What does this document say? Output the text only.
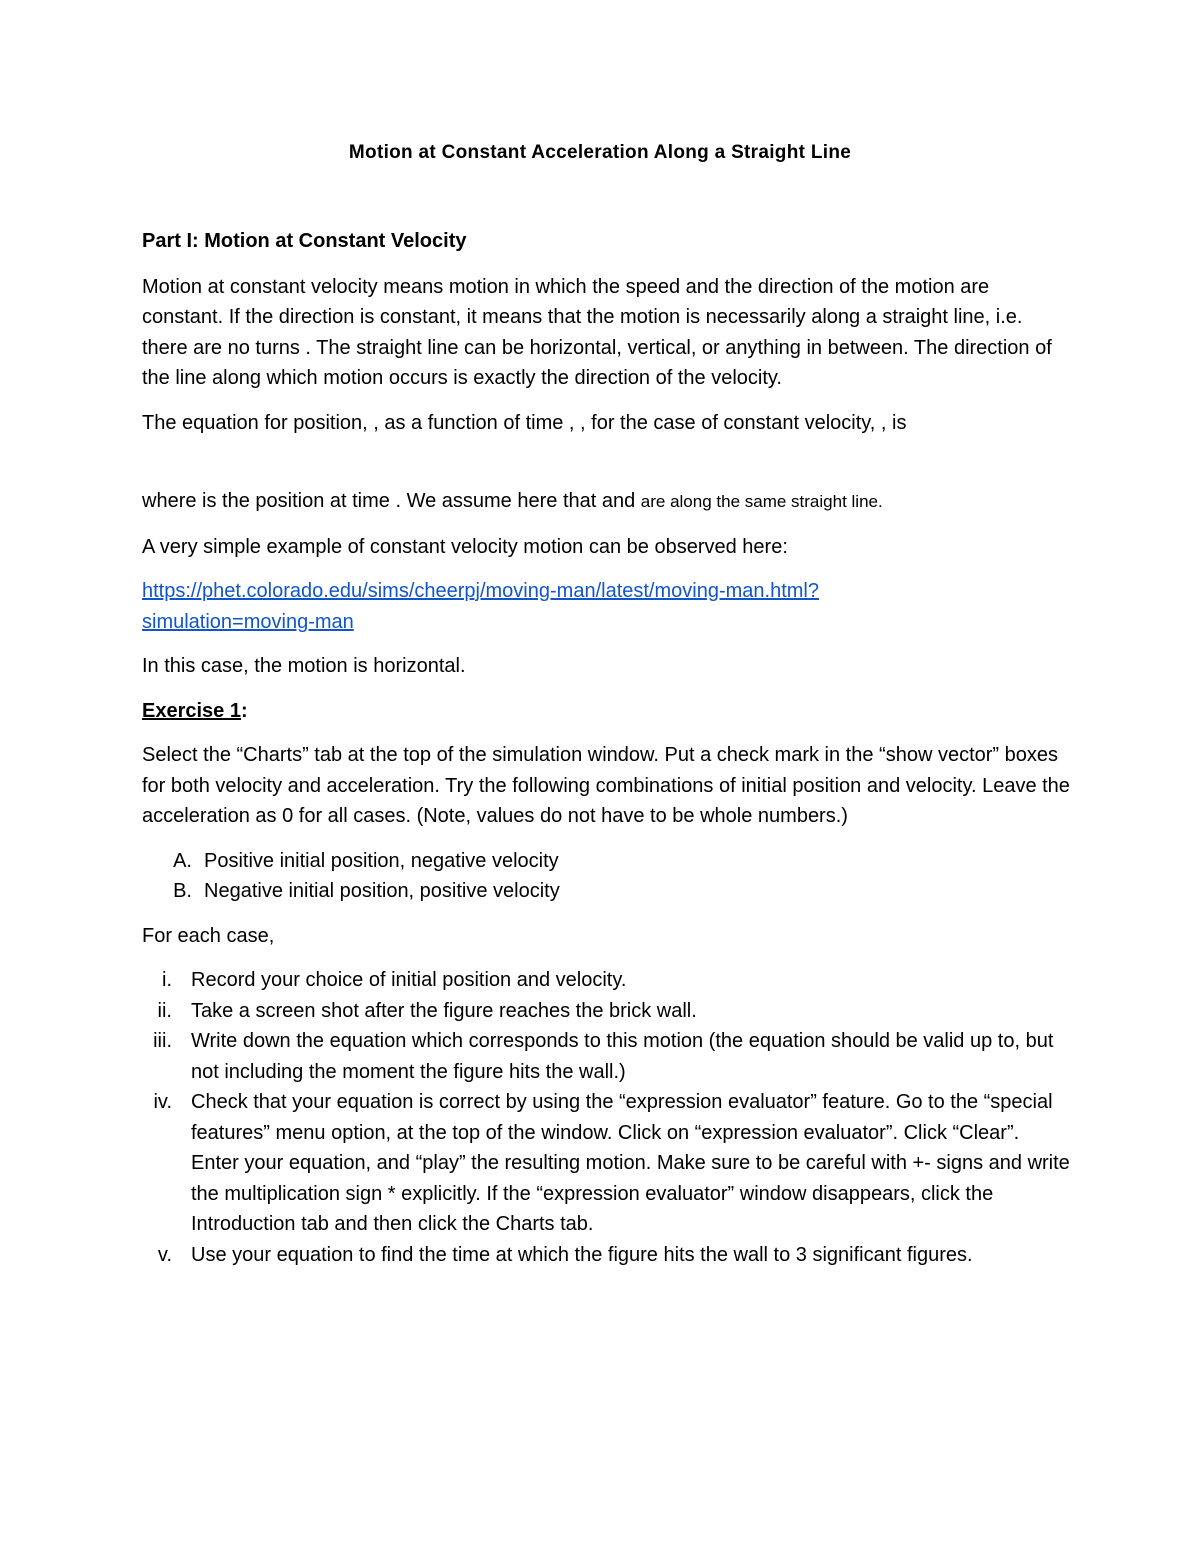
Motion at Constant Acceleration Along a Straight Line

Part I: Motion at Constant Velocity

Motion at constant velocity means motion in which the speed and the direction of the motion are constant. If the direction is constant, it means that the motion is necessarily along a straight line, i.e. there are no turns . The straight line can be horizontal, vertical, or anything in between. The direction of the line along which motion occurs is exactly the direction of the velocity.

The equation for position, , as a function of time , , for the case of constant velocity, , is

where is the position at time . We assume here that and are along the same straight line.

A very simple example of constant velocity motion can be observed here:

https://phet.colorado.edu/sims/cheerpj/moving-man/latest/moving-man.html?
simulation=moving-man

In this case, the motion is horizontal.

Exercise 1:

Select the “Charts” tab at the top of the simulation window. Put a check mark in the “show vector” boxes for both velocity and acceleration. Try the following combinations of initial position and velocity. Leave the acceleration as 0 for all cases. (Note, values do not have to be whole numbers.)

A. Positive initial position, negative velocity
B. Negative initial position, positive velocity

For each case,

i. Record your choice of initial position and velocity.
ii. Take a screen shot after the figure reaches the brick wall.
iii. Write down the equation which corresponds to this motion (the equation should be valid up to, but not including the moment the figure hits the wall.)
iv. Check that your equation is correct by using the “expression evaluator” feature. Go to the “special features” menu option, at the top of the window. Click on “expression evaluator”. Click “Clear”. Enter your equation, and “play” the resulting motion. Make sure to be careful with +- signs and write the multiplication sign * explicitly. If the “expression evaluator” window disappears, click the Introduction tab and then click the Charts tab.
v. Use your equation to find the time at which the figure hits the wall to 3 significant figures.
